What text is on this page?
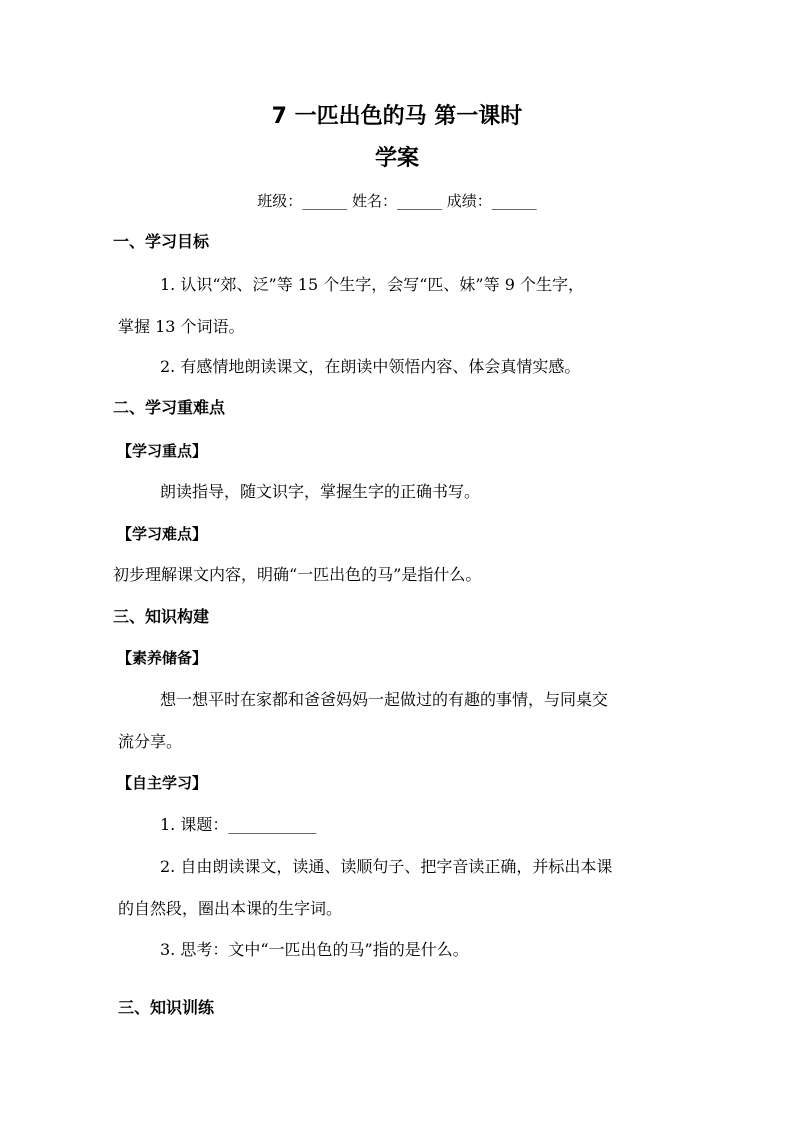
7 一匹出色的马 第一课时
学案
班级：______ 姓名：______ 成绩：______
一、学习目标
1. 认识“郊、泛”等 15 个生字，会写“匹、妹”等 9 个生字，
掌握 13 个词语。
2. 有感情地朗读课文，在朗读中领悟内容、体会真情实感。
二、学习重难点
【学习重点】
朗读指导，随文识字，掌握生字的正确书写。
【学习难点】
初步理解课文内容，明确“一匹出色的马”是指什么。
三、知识构建
【素养储备】
想一想平时在家都和爸爸妈妈一起做过的有趣的事情，与同桌交
流分享。
【自主学习】
1. 课题：___________
2. 自由朗读课文，读通、读顺句子、把字音读正确，并标出本课
的自然段，圈出本课的生字词。
3. 思考：文中“一匹出色的马”指的是什么。
三、知识训练
